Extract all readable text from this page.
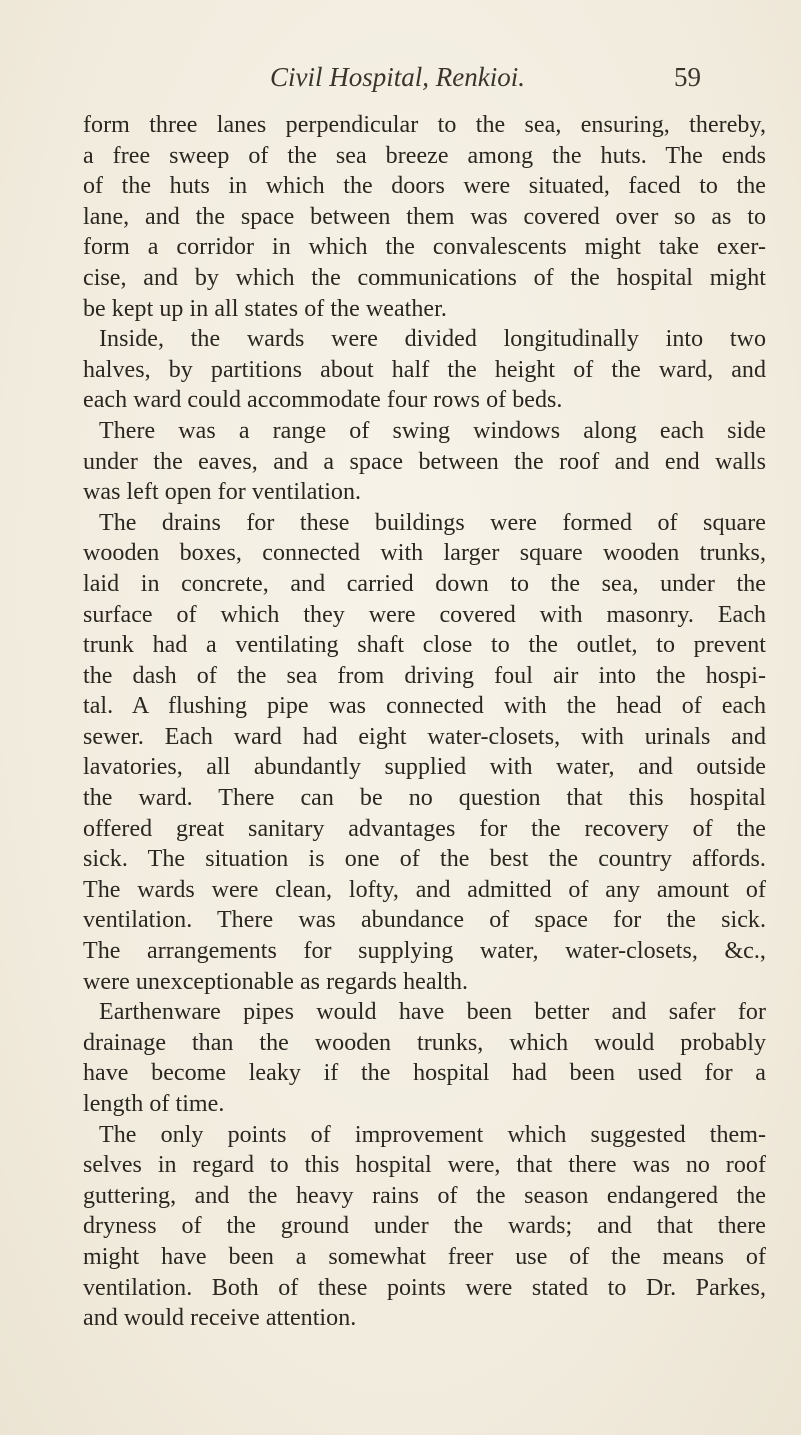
Civil Hospital, Renkioi.	59
form three lanes perpendicular to the sea, ensuring, thereby,
a free sweep of the sea breeze among the huts. The ends
of the huts in which the doors were situated, faced to the
lane, and the space between them was covered over so as to
form a corridor in which the convalescents might take exer-
cise, and by which the communications of the hospital might
be kept up in all states of the weather.
Inside, the wards were divided longitudinally into two
halves, by partitions about half the height of the ward, and
each ward could accommodate four rows of beds.
There was a range of swing windows along each side
under the eaves, and a space between the roof and end walls
was left open for ventilation.
The drains for these buildings were formed of square
wooden boxes, connected with larger square wooden trunks,
laid in concrete, and carried down to the sea, under the
surface of which they were covered with masonry. Each
trunk had a ventilating shaft close to the outlet, to prevent
the dash of the sea from driving foul air into the hospi-
tal. A flushing pipe was connected with the head of each
sewer. Each ward had eight water-closets, with urinals and
lavatories, all abundantly supplied with water, and outside
the ward. There can be no question that this hospital
offered great sanitary advantages for the recovery of the
sick. The situation is one of the best the country affords.
The wards were clean, lofty, and admitted of any amount of
ventilation. There was abundance of space for the sick.
The arrangements for supplying water, water-closets, &c.,
were unexceptionable as regards health.
Earthenware pipes would have been better and safer for
drainage than the wooden trunks, which would probably
have become leaky if the hospital had been used for a
length of time.
The only points of improvement which suggested them-
selves in regard to this hospital were, that there was no roof
guttering, and the heavy rains of the season endangered the
dryness of the ground under the wards; and that there
might have been a somewhat freer use of the means of
ventilation. Both of these points were stated to Dr. Parkes,
and would receive attention.
